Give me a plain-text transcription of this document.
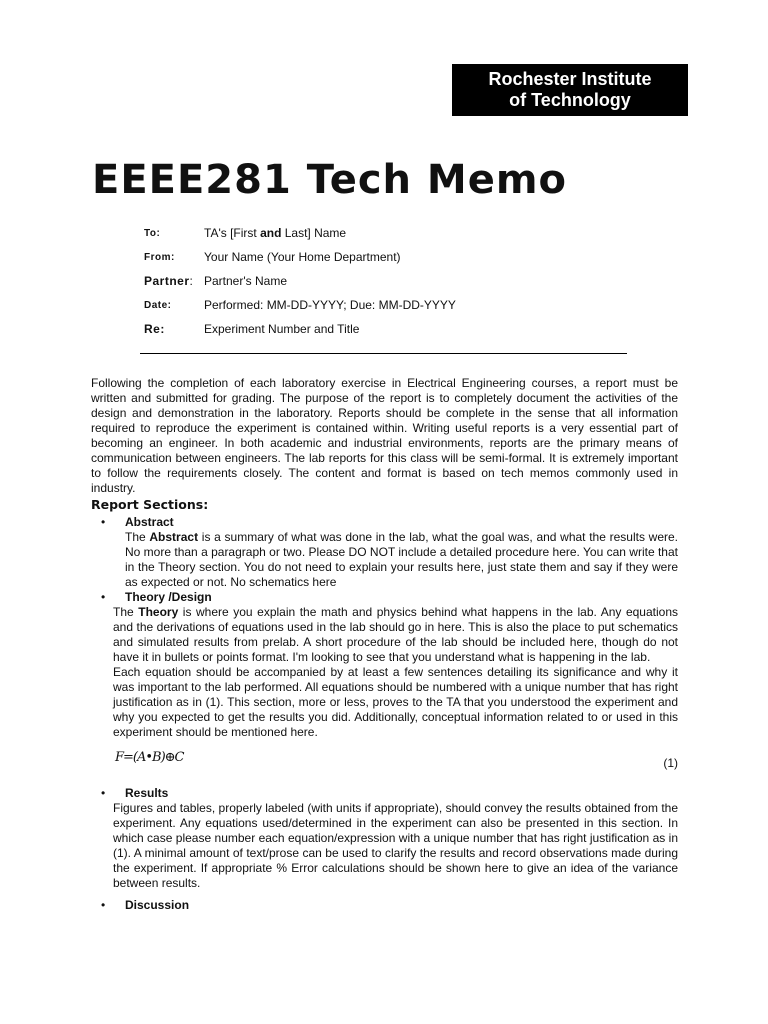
Rochester Institute
of Technology
EEEE281 Tech Memo
To:	TA's [First and Last] Name
From:	Your Name (Your Home Department)
Partner: Partner's Name
Date:	Performed: MM-DD-YYYY; Due: MM-DD-YYYY
Re:	Experiment Number and Title

Following the completion of each laboratory exercise in Electrical Engineering courses, a report must be written and submitted for grading. The purpose of the report is to completely document the activities of the design and demonstration in the laboratory. Reports should be complete in the sense that all information required to reproduce the experiment is contained within. Writing useful reports is a very essential part of becoming an engineer. In both academic and industrial environments, reports are the primary means of communication between engineers. The lab reports for this class will be semi-formal. It is extremely important to follow the requirements closely. The content and format is based on tech memos commonly used in industry.

Report Sections:
•	Abstract
The Abstract is a summary of what was done in the lab, what the goal was, and what the results were. No more than a paragraph or two. Please DO NOT include a detailed procedure here. You can write that in the Theory section. You do not need to explain your results here, just state them and say if they were as expected or not. No schematics here
•	Theory /Design

The Theory is where you explain the math and physics behind what happens in the lab. Any equations and the derivations of equations used in the lab should go in here. This is also the place to put schematics and simulated results from prelab. A short procedure of the lab should be included here, though do not have it in bullets or points format. I'm looking to see that you understand what is happening in the lab.

Each equation should be accompanied by at least a few sentences detailing its significance and why it was important to the lab performed. All equations should be numbered with a unique number that has right justification as in (1). This section, more or less, proves to the TA that you understood the experiment and why you expected to get the results you did. Additionally, conceptual information related to or used in this experiment should be mentioned here.

F=(A•B)⊕C	(1)
•	Results
Figures and tables, properly labeled (with units if appropriate), should convey the results obtained from the experiment. Any equations used/determined in the experiment can also be presented in this section. In which case please number each equation/expression with a unique number that has right justification as in (1). A minimal amount of text/prose can be used to clarify the results and record observations made during the experiment. If appropriate % Error calculations should be shown here to give an idea of the variance between results.
•	Discussion
